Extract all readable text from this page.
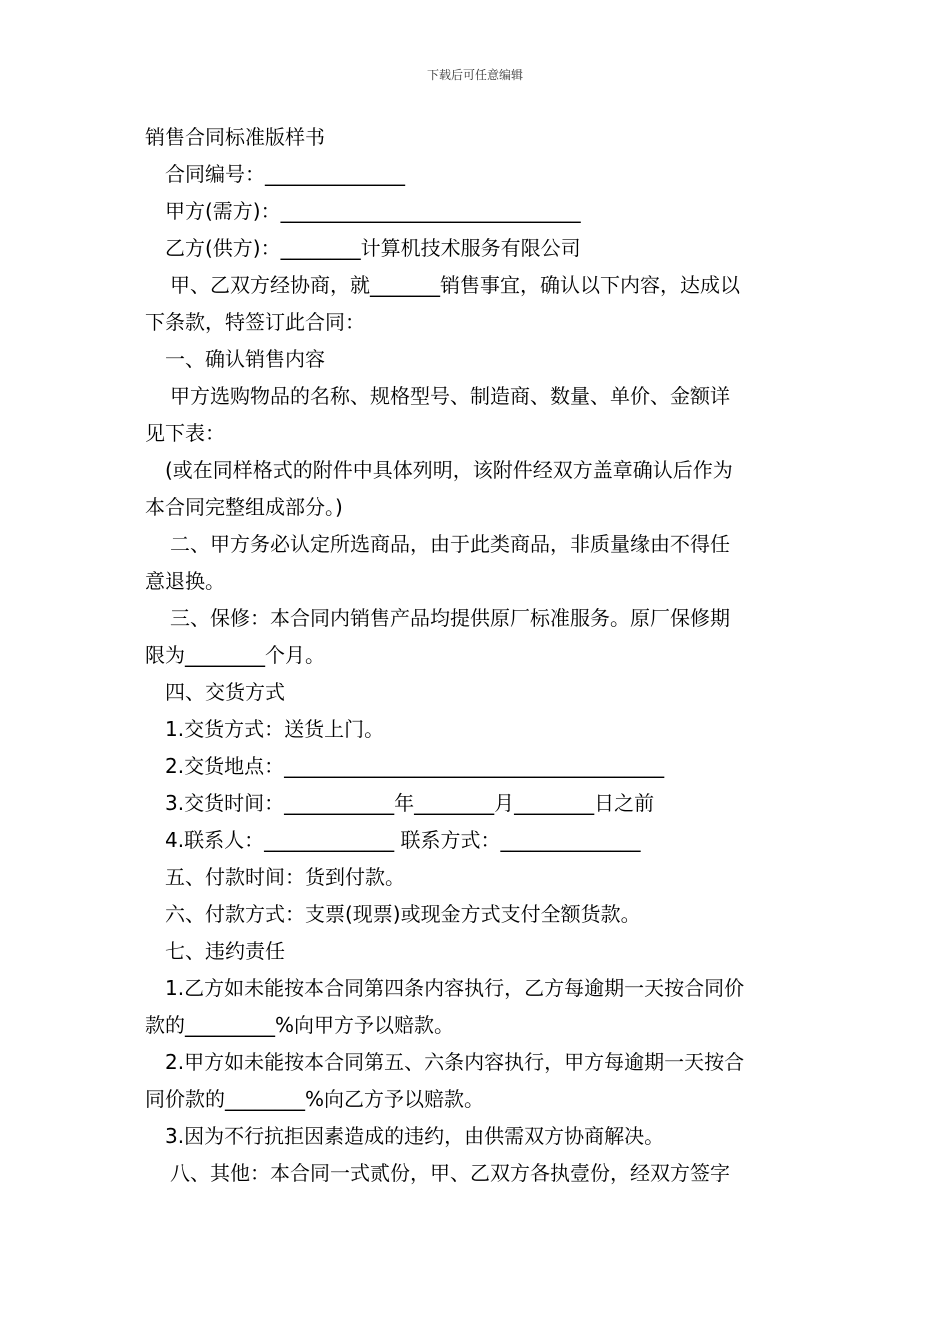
下载后可任意编辑
销售合同标准版样书
合同编号：______________
甲方(需方)：______________________________
乙方(供方)：________计算机技术服务有限公司
甲、乙双方经协商，就_______销售事宜，确认以下内容，达成以
下条款，特签订此合同：
一、确认销售内容
甲方选购物品的名称、规格型号、制造商、数量、单价、金额详
见下表：
(或在同样格式的附件中具体列明，该附件经双方盖章确认后作为
本合同完整组成部分。)
二、甲方务必认定所选商品，由于此类商品，非质量缘由不得任
意退换。
三、保修：本合同内销售产品均提供原厂标准服务。原厂保修期
限为________个月。
四、交货方式
1.交货方式：送货上门。
2.交货地点：______________________________________
3.交货时间：___________年________月________日之前
4.联系人：_____________ 联系方式：______________
五、付款时间：货到付款。
六、付款方式：支票(现票)或现金方式支付全额货款。
七、违约责任
1.乙方如未能按本合同第四条内容执行，乙方每逾期一天按合同价
款的_________%向甲方予以赔款。
2.甲方如未能按本合同第五、六条内容执行，甲方每逾期一天按合
同价款的________%向乙方予以赔款。
3.因为不行抗拒因素造成的违约，由供需双方协商解决。
八、其他：本合同一式贰份，甲、乙双方各执壹份，经双方签字
